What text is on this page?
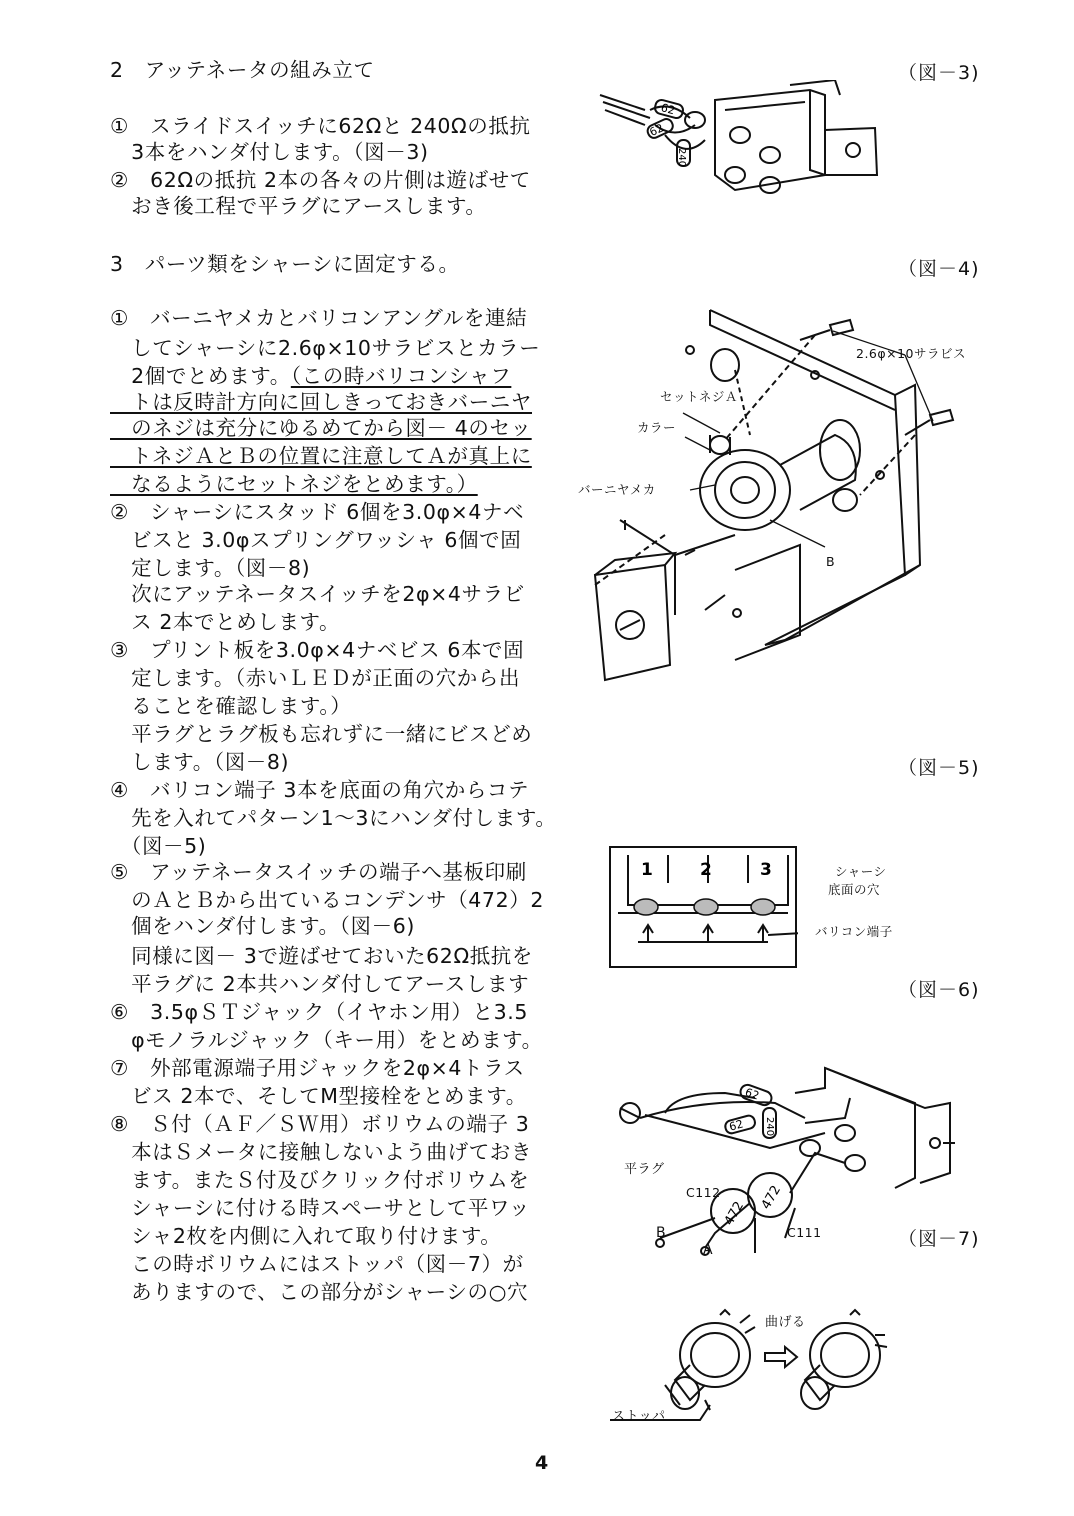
2　アッテネータの組み立て
①　スライドスイッチに62Ωと 240Ωの抵抗
　3本をハンダ付します。（図－3)
②　62Ωの抵抗 2本の各々の片側は遊ばせて
　おき後工程で平ラグにアースします。
3　パーツ類をシャーシに固定する。
①　バーニヤメカとバリコンアングルを連結
　してシャーシに2.6φ×10サラビスとカラー
　2個でとめます。（この時バリコンシャフ
　トは反時計方向に回しきっておきバーニヤ
　のネジは充分にゆるめてから図－ 4のセッ
　トネジＡとＢの位置に注意してＡが真上に
　なるようにセットネジをとめます。）
②　シャーシにスタッド 6個を3.0φ×4ナベ
　ビスと 3.0φスプリングワッシャ 6個で固
　定します。（図－8)
　次にアッテネータスイッチを2φ×4サラビ
　ス 2本でとめします。
③　プリント板を3.0φ×4ナベビス 6本で固
　定します。（赤いＬＥＤが正面の穴から出
　ることを確認します。）
　平ラグとラグ板も忘れずに一緒にビスどめ
　します。（図－8)
④　バリコン端子 3本を底面の角穴からコテ
　先を入れてパターン1～3にハンダ付します。
　（図－5)
⑤　アッテネータスイッチの端子へ基板印刷
　のＡとＢから出ているコンデンサ（472）2
　個をハンダ付します。（図－6)
　同様に図－ 3で遊ばせておいた62Ω抵抗を
　平ラグに 2本共ハンダ付してアースします
⑥　3.5φＳＴジャック（イヤホン用）と3.5
　φモノラルジャック（キー用）をとめます。
⑦　外部電源端子用ジャックを2φ×4トラス
　ビス 2本で、そしてM型接栓をとめます。
⑧　Ｓ付（ＡＦ／ＳＷ用）ボリウムの端子 3
　本はＳメータに接触しないよう曲げておき
　ます。またＳ付及びクリック付ボリウムを
　シャーシに付ける時スペーサとして平ワッ
　シャ2枚を内側に入れて取り付けます。
　この時ボリウムにはストッパ（図－7）が
　ありますので、この部分がシャーシの○穴
（図－3)
62
62
240
（図－4)
2.6φ×10サラビス
セットネジＡ
カラー
バーニヤメカ
B
（図－5)
1	2	3	シャーシ
底面の穴
バリコン端子
（図－6)
62
62 240
472
472
平ラグ
C112
C111
B
A	（図－7)
曲げる
ストッパ
4
